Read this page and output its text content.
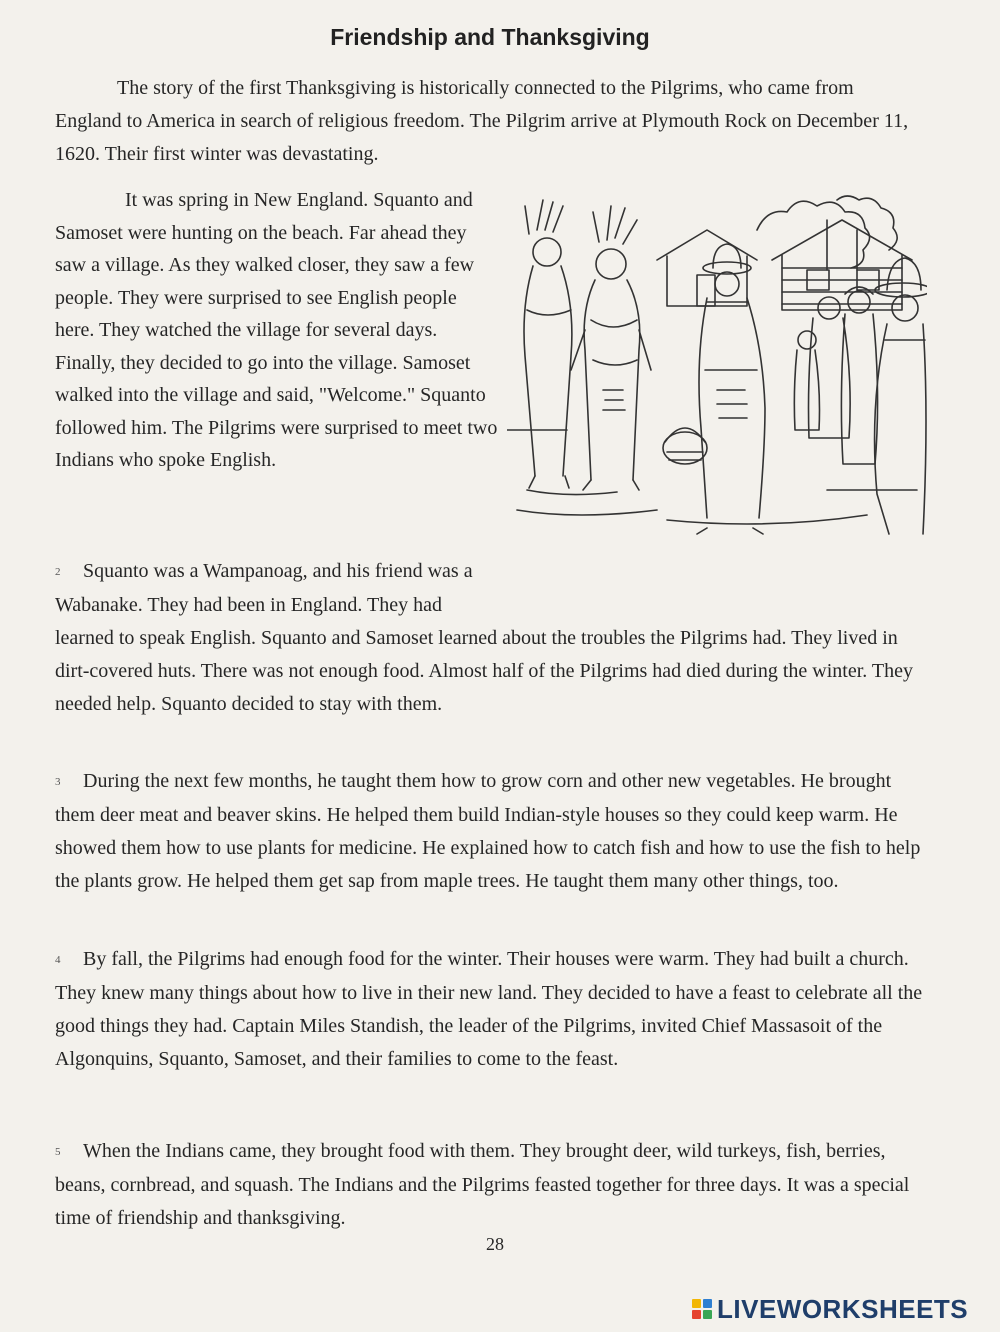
Friendship and Thanksgiving

The story of the first Thanksgiving is historically connected to the Pilgrims, who came from England to America in search of religious freedom. The Pilgrim arrive at Plymouth Rock on December 11, 1620. Their first winter was devastating.

It was spring in New England. Squanto and Samoset were hunting on the beach. Far ahead they saw a village. As they walked closer, they saw a few people. They were surprised to see English people here. They watched the village for several days. Finally, they decided to go into the village. Samoset walked into the village and said, "Welcome." Squanto followed him. The Pilgrims were surprised to meet two Indians who spoke English.

2 Squanto was a Wampanoag, and his friend was a Wabanake. They had been in England. They had learned to speak English. Squanto and Samoset learned about the troubles the Pilgrims had. They lived in dirt-covered huts. There was not enough food. Almost half of the Pilgrims had died during the winter. They needed help. Squanto decided to stay with them.

3 During the next few months, he taught them how to grow corn and other new vegetables. He brought them deer meat and beaver skins. He helped them build Indian-style houses so they could keep warm. He showed them how to use plants for medicine. He explained how to catch fish and how to use the fish to help the plants grow. He helped them get sap from maple trees. He taught them many other things, too.

4 By fall, the Pilgrims had enough food for the winter. Their houses were warm. They had built a church. They knew many things about how to live in their new land. They decided to have a feast to celebrate all the good things they had. Captain Miles Standish, the leader of the Pilgrims, invited Chief Massasoit of the Algonquins, Squanto, Samoset, and their families to come to the feast.

5 When the Indians came, they brought food with them. They brought deer, wild turkeys, fish, berries, beans, cornbread, and squash. The Indians and the Pilgrims feasted together for three days. It was a special time of friendship and thanksgiving.

28
LIVEWORKSHEETS
